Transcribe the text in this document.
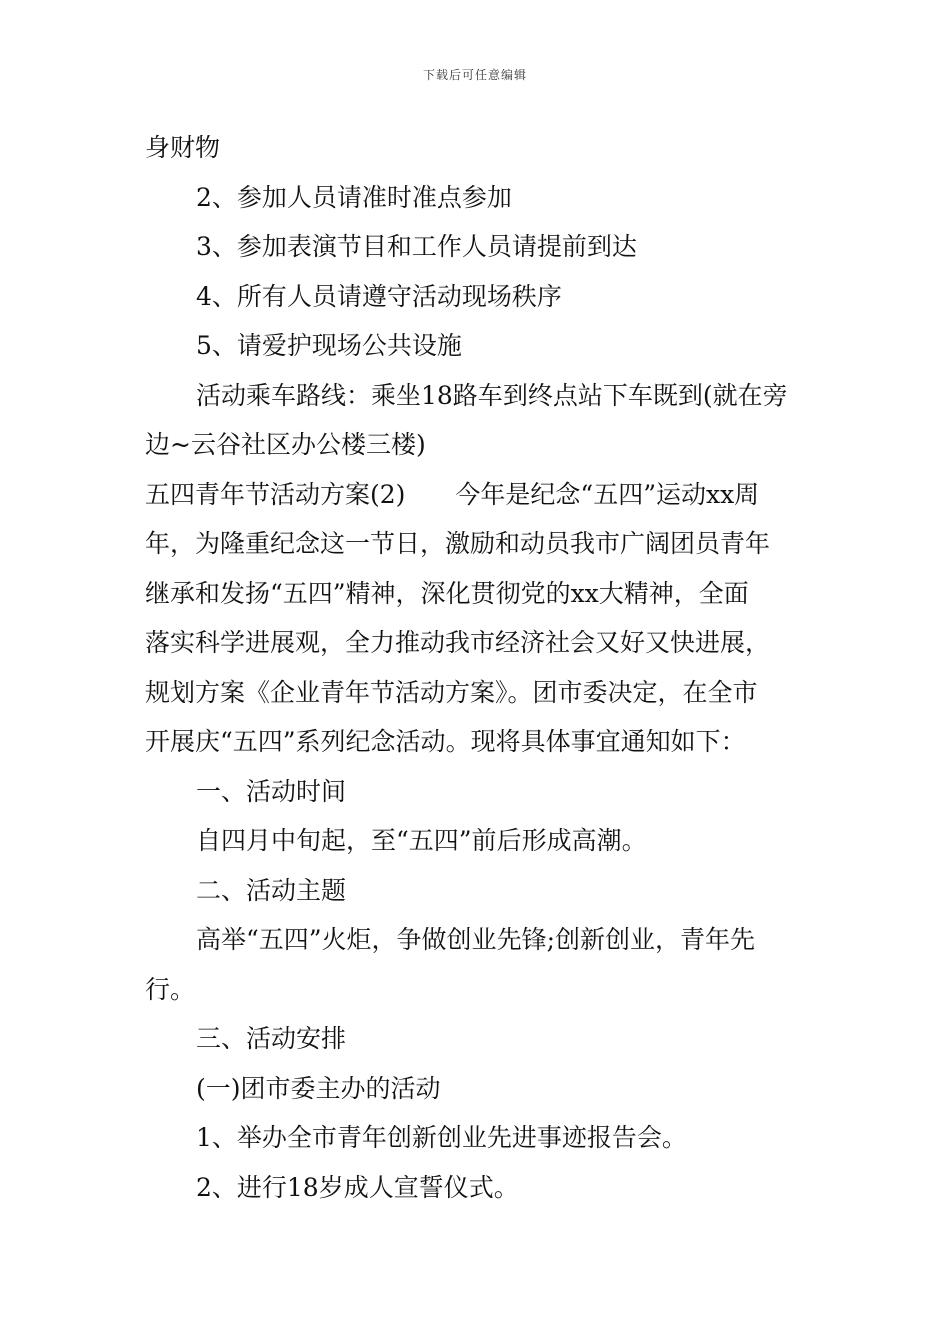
下载后可任意编辑

身财物

2、参加人员请准时准点参加

3、参加表演节目和工作人员请提前到达

4、所有人员请遵守活动现场秩序

5、请爱护现场公共设施

活动乘车路线：乘坐18路车到终点站下车既到(就在旁

边~云谷社区办公楼三楼)

五四青年节活动方案(2)　　今年是纪念“五四”运动xx周

年，为隆重纪念这一节日，激励和动员我市广阔团员青年

继承和发扬“五四”精神，深化贯彻党的xx大精神，全面

落实科学进展观，全力推动我市经济社会又好又快进展，

规划方案《企业青年节活动方案》。团市委决定，在全市

开展庆“五四”系列纪念活动。现将具体事宜通知如下：

一、活动时间

自四月中旬起，至“五四”前后形成高潮。

二、活动主题

高举“五四”火炬，争做创业先锋;创新创业，青年先

行。

三、活动安排

(一)团市委主办的活动

1、举办全市青年创新创业先进事迹报告会。

2、进行18岁成人宣誓仪式。
